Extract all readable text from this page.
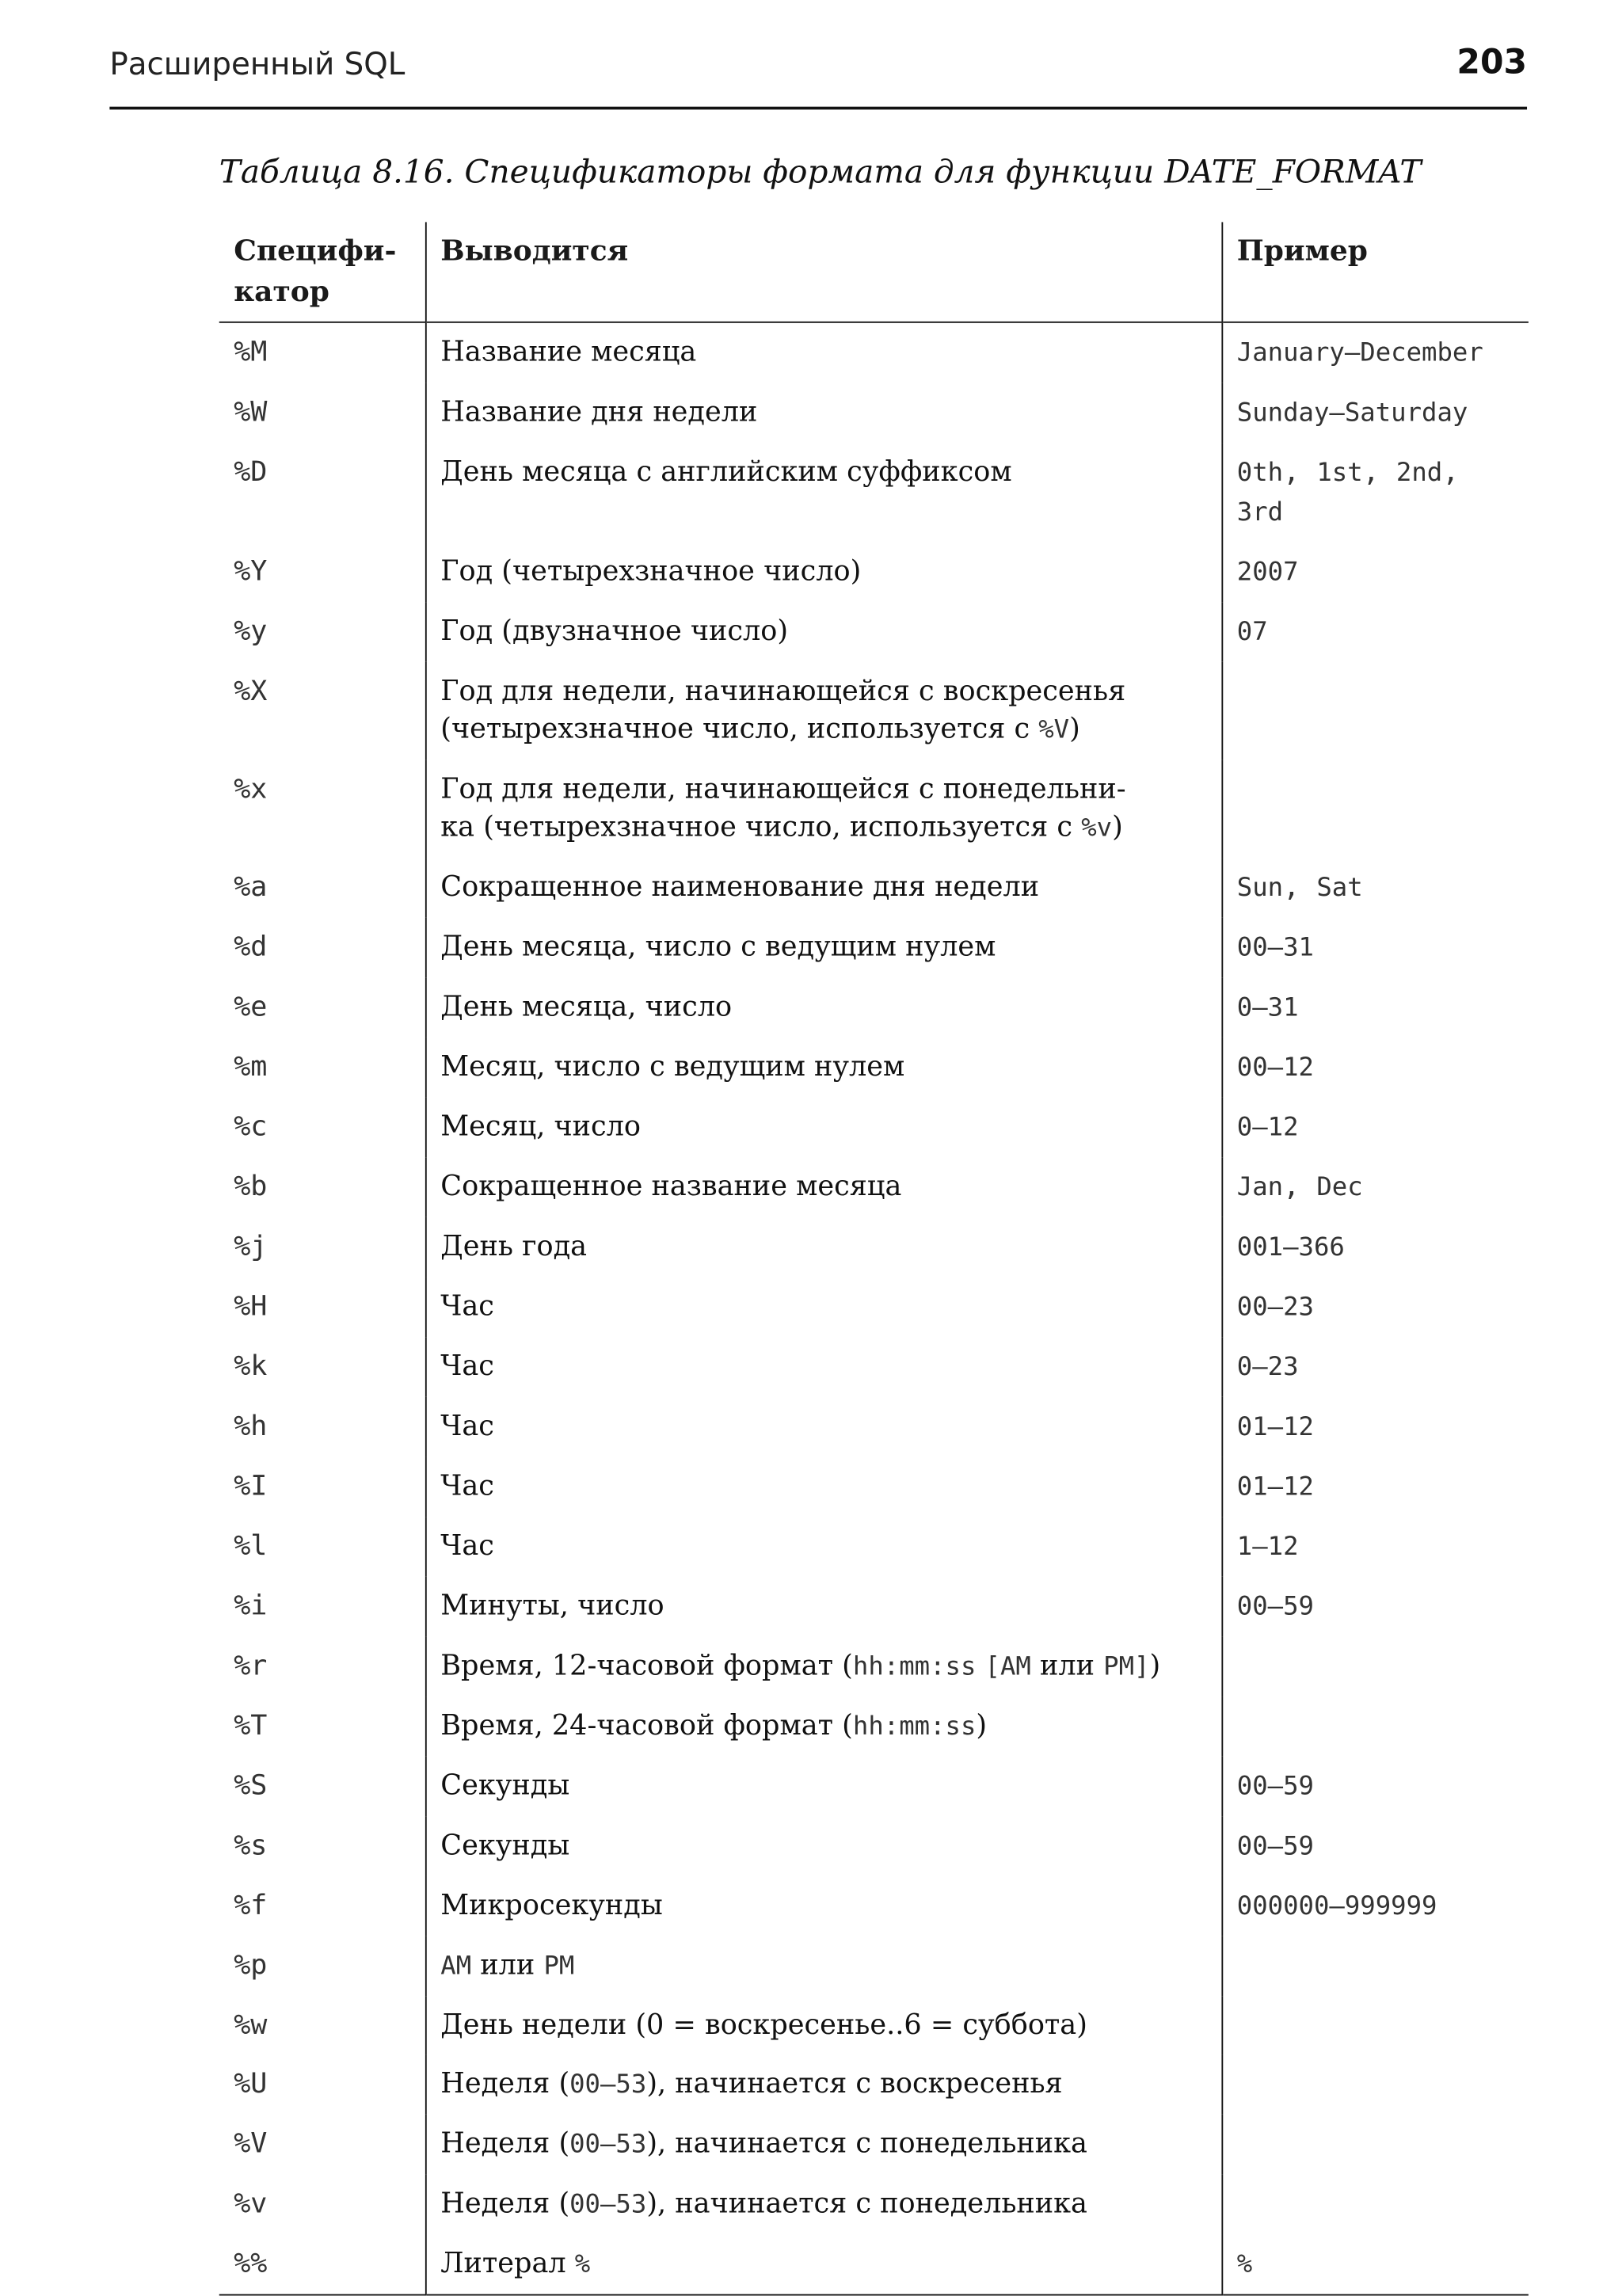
Расширенный SQL	203
Таблица 8.16. Спецификаторы формата для функции DATE_FORMAT
Специфи-
катор	Выводится	Пример
%M	Название месяца	January—December
%W	Название дня недели	Sunday—Saturday
%D	День месяца с английским суффиксом	0th, 1st, 2nd, 3rd
%Y	Год (четырехзначное число)	2007
%y	Год (двузначное число)	07
%X	Год для недели, начинающейся с воскресенья
(четырехзначное число, используется с %V)	
%x	Год для недели, начинающейся с понедельни-
ка (четырехзначное число, используется с %v)	
%a	Сокращенное наименование дня недели	Sun, Sat
%d	День месяца, число с ведущим нулем	00—31
%e	День месяца, число	0—31
%m	Месяц, число с ведущим нулем	00—12
%c	Месяц, число	0—12
%b	Сокращенное название месяца	Jan, Dec
%j	День года	001—366
%H	Час	00—23
%k	Час	0—23
%h	Час	01—12
%I	Час	01—12
%l	Час	1—12
%i	Минуты, число	00—59
%r	Время, 12-часовой формат (hh:mm:ss [AM или PM])	
%T	Время, 24-часовой формат (hh:mm:ss)	
%S	Секунды	00—59
%s	Секунды	00—59
%f	Микросекунды	000000—999999
%p	AM или PM	
%w	День недели (0 = воскресенье..6 = суббота)	
%U	Неделя (00—53), начинается с воскресенья	
%V	Неделя (00—53), начинается с понедельника	
%v	Неделя (00—53), начинается с понедельника	
%%	Литерал %	%
